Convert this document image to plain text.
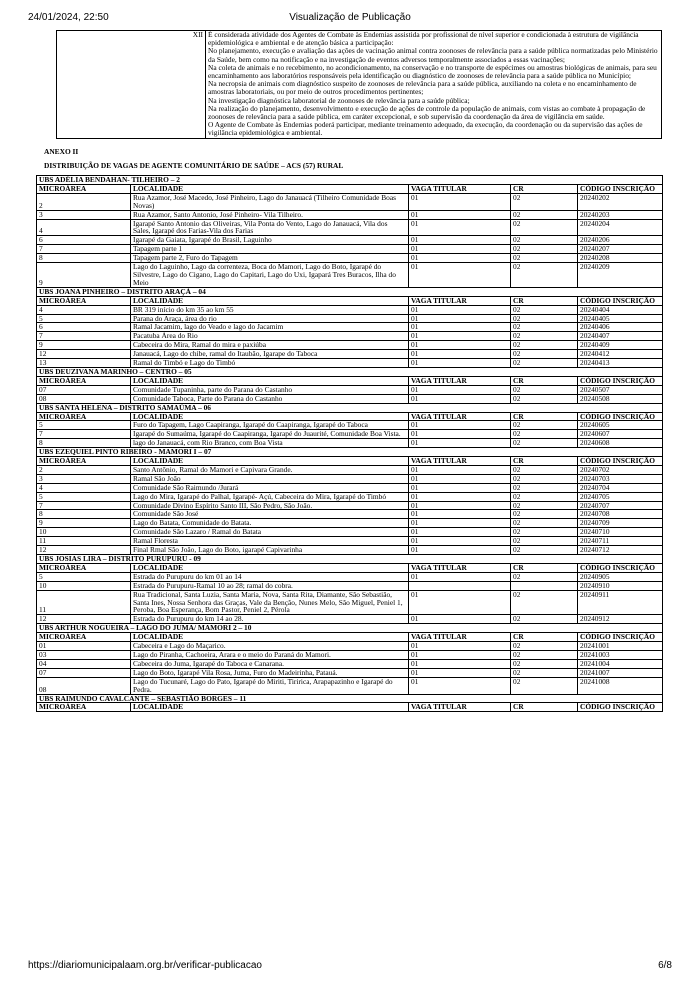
24/01/2024, 22:50	Visualização de Publicação
XII	É considerada atividade dos Agentes de Combate às Endemias assistida por profissional de nível superior e condicionada à estrutura de vigilância epidemiológica e ambiental e de atenção básica a participação:

No planejamento, execução e avaliação das ações de vacinação animal contra zoonoses de relevância para a saúde pública normatizadas pelo Ministério da Saúde, bem como na notificação e na investigação de eventos adversos temporalmente associados a essas vacinações;

Na coleta de animais e no recebimento, no acondicionamento, na conservação e no transporte de espécimes ou amostras biológicas de animais, para seu encaminhamento aos laboratórios responsáveis pela identificação ou diagnóstico de zoonoses de relevância para a saúde pública no Município;

Na necropsia de animais com diagnóstico suspeito de zoonoses de relevância para a saúde pública, auxiliando na coleta e no encaminhamento de amostras laboratoriais, ou por meio de outros procedimentos pertinentes;

Na investigação diagnóstica laboratorial de zoonoses de relevância para a saúde pública;

Na realização do planejamento, desenvolvimento e execução de ações de controle da população de animais, com vistas ao combate à propagação de zoonoses de relevância para a saúde pública, em caráter excepcional, e sob supervisão da coordenação da área de vigilância em saúde.

O Agente de Combate às Endemias poderá participar, mediante treinamento adequado, da execução, da coordenação ou da supervisão das ações de vigilância epidemiológica e ambiental.

ANEXO II
DISTRIBUIÇÃO DE VAGAS DE AGENTE COMUNITÁRIO DE SAÚDE – ACS (57) RURAL
UBS ADÉLIA BENDAHAN- TILHEIRO – 2				
MICROÁREA	LOCALIDADE	VAGA TITULAR	CR	CÓDIGO INSCRIÇÃO
2	Rua Azamor, José Macedo, José Pinheiro, Lago do Janauacá (Tilheiro Comunidade Boas Novas)	01	02	20240202
3	Rua Azamor, Santo Antonio, José Pinheiro- Vila Tilheiro.	01	02	20240203
4	Igarapé Santo Antonio das Oliveiras, Vila Ponta do Vento, Lago do Janauacá, Vila dos Sales, Igarapé dos Farias-Vila dos Farias	01	02	20240204
6	Igarapé da Gaiata, Igarapé do Brasil, Laguinho	01	02	20240206
7	Tapagem parte 1	01	02	20240207
8	Tapagem parte 2, Furo do Tapagem	01	02	20240208
9	Lago do Laguinho, Lago da correnteza, Boca do Mamori, Lago do Boto, Igarapé do Silvestre, Lago do Cigano, Lago do Capitari, Lago do Uxi, Igapará Tres Buracos, Ilha do Meio	01	02	20240209
UBS JOANA PINHEIRO – DISTRITO ARAÇÁ – 04				
MICROÁREA	LOCALIDADE	VAGA TITULAR	CR	CÓDIGO INSCRIÇÃO
4	BR 319 início do km 35 ao km 55	01	02	20240404
5	Parana do Araça, área do rio	01	02	20240405
6	Ramal Jacamim, lago do Veado e lago do Jacamim	01	02	20240406
7	Pacatuba Área do Rio	01	02	20240407
9	Cabeceira do Mira, Ramal do mira e paxiúba	01	02	20240409
12	Janauacá, Lago do chibe, ramal do Itaubão, Igarape do Taboca	01	02	20240412
13	Ramal do Timbó e Lago do Timbó	01	02	20240413
UBS DEUZIVANA MARINHO – CENTRO – 05				
MICROÁREA	LOCALIDADE	VAGA TITULAR	CR	CÓDIGO INSCRIÇÃO
07	Comunidade Tupaninha, parte do Parana do Castanho	01	02	20240507
08	Comunidade Taboca, Parte do Parana do Castanho	01	02	20240508
UBS SANTA HELENA – DISTRITO SAMAÚMA – 06				
MICROÁREA	LOCALIDADE	VAGA TITULAR	CR	CÓDIGO INSCRIÇÃO
5	Furo do Tapagem, Lago Caapiranga, Igarapé do Caapiranga, Igarapé do Taboca	01	02	20240605
7	Igarapé do Sumaúma, Igarapé do Caapiranga, Igarapé do Juaurité, Comunidade Boa Vista.	01	02	20240607
8	lago do Janauacá, com Rio Branco, com Boa Vista	01	02	20240608
UBS EZEQUIEL PINTO RIBEIRO - MAMORI I – 07				
MICROÁREA	LOCALIDADE	VAGA TITULAR	CR	CÓDIGO INSCRIÇÃO
2	Santo Antônio, Ramal do Mamori e Capivara Grande.	01	02	20240702
3	Ramal São João	01	02	20240703
4	Comunidade São Raimundo /Jurará	01	02	20240704
5	Lago do Mira, Igarapé do Palhal, Igarapé- Açú, Cabeceira do Mira, Igarapé do Timbó	01	02	20240705
7	Comunidade Divino Espírito Santo III, São Pedro, São João.	01	02	20240707
8	Comunidade São José	01	02	20240708
9	Lago do Batata, Comunidade do Batata.	01	02	20240709
10	Comunidade São Lazaro / Ramal do Batata	01	02	20240710
11	Ramal Floresta	01	02	20240711
12	Final Rmal São João, Lago do Boto, igarapé Capivarinha	01	02	20240712
UBS JOSIAS LIRA – DISTRITO PURUPURU - 09				
MICROÁREA	LOCALIDADE	VAGA TITULAR	CR	CÓDIGO INSCRIÇÃO
5	Estrada do Purupuru do km 01 ao 14	01	02	20240905
10	Estrada do Purupuru-Ramal 10 ao 28; ramal do cobra.			20240910
11	Rua Tradicional, Santa Luzia, Santa Maria, Nova, Santa Rita, Diamante, São Sebastião, Santa Ines, Nossa Senhora das Graças, Vale da Benção, Nunes Melo, São Miguel, Peniel 1, Peroba, Boa Esperança, Bom Pastor, Peniel 2, Pérola	01	02	20240911
12	Estrada do Purupuru do km 14 ao 28.	01	02	20240912
UBS ARTHUR NOGUEIRA – LAGO DO JUMA/ MAMORI 2 – 10				
MICROÁREA	LOCALIDADE	VAGA TITULAR	CR	CÓDIGO INSCRIÇÃO
01	Cabeceira e Lago do Maçarico.	01	02	20241001
03	Lago do Piranha, Cachoeira, Arara e o meio do Paraná do Mamori.	01	02	20241003
04	Cabeceira do Juma, Igarapé do Taboca e Canarana.	01	02	20241004
07	Lago do Boto, Igarapé Vila Rosa, Juma, Furo do Madeirinha, Patauá.	01	02	20241007
08	Lago do Tucunaré, Lago do Pato, Igarapé do Miriti, Tiririca, Arapapazinho e Igarapé do Pedra.	01	02	20241008
UBS RAIMUNDO CAVALCANTE – SEBASTIÃO BORGES – 11				
MICROÁREA	LOCALIDADE	VAGA TITULAR	CR	CÓDIGO INSCRIÇÃO
https://diariomunicipalaam.org.br/verificar-publicacao	6/8
